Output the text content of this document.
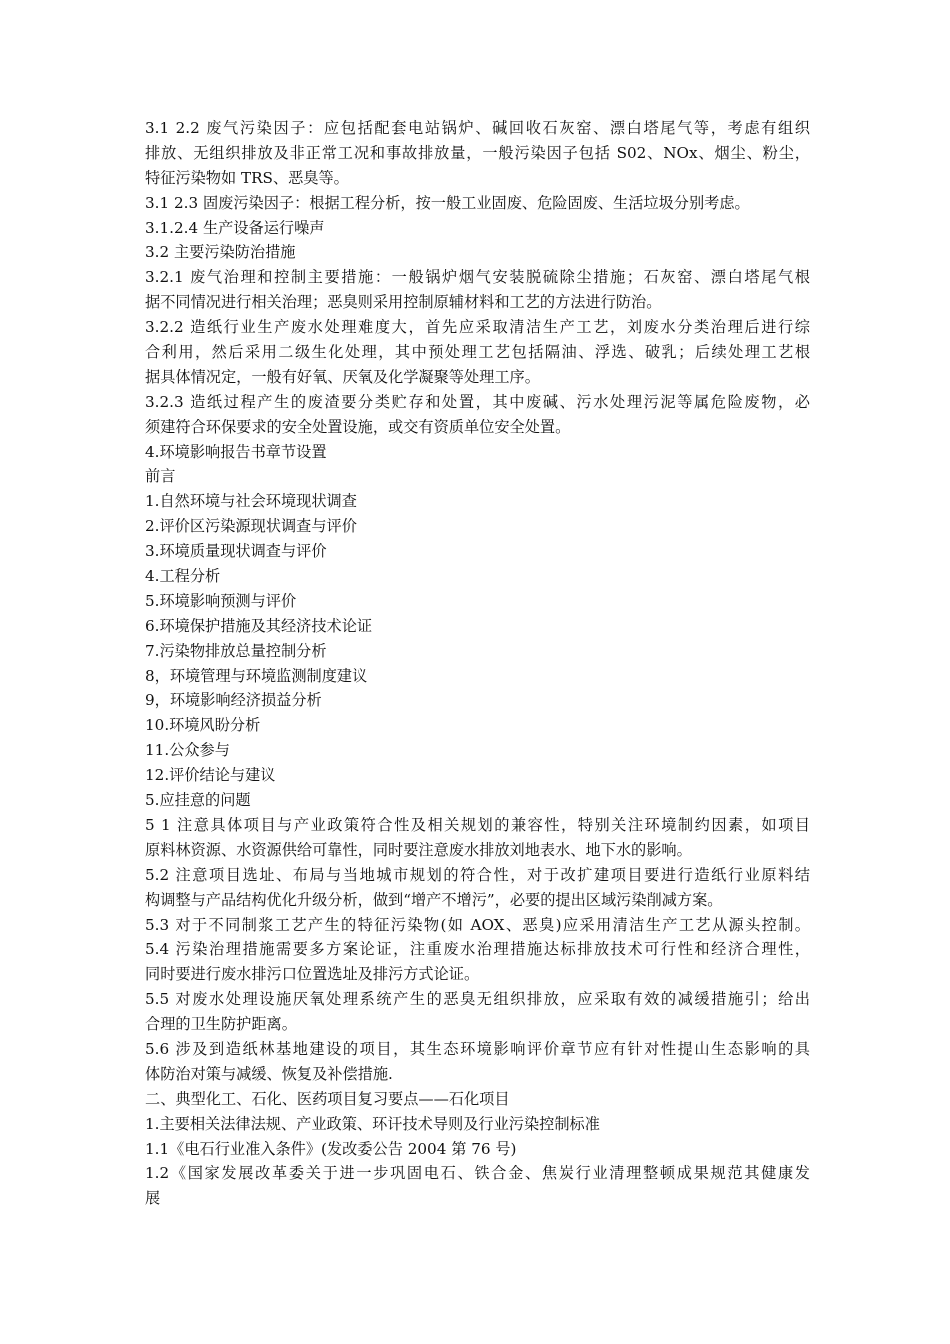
3.1 2.2 废气污染因子：应包括配套电站锅炉、碱回收石灰窑、漂白塔尾气等，考虑有组织
排放、无组织排放及非正常工况和事故排放量，一般污染因子包括 S02、NOx、烟尘、粉尘，
特征污染物如 TRS、恶臭等。
3.1 2.3 固废污染因子：根据工程分析，按一般工业固废、危险固废、生活垃圾分别考虑。
3.1.2.4 生产设备运行噪声
3.2 主要污染防治措施
3.2.1 废气治理和控制主要措施：一般锅炉烟气安装脱硫除尘措施；石灰窑、漂白塔尾气根
据不同情况进行相关治理；恶臭则采用控制原辅材料和工艺的方法进行防治。
3.2.2 造纸行业生产废水处理难度大，首先应采取清洁生产工艺，刘废水分类治理后进行综
合利用，然后采用二级生化处理，其中预处理工艺包括隔油、浮选、破乳；后续处理工艺根
据具体情况定，一般有好氧、厌氧及化学凝聚等处理工序。
3.2.3 造纸过程产生的废渣要分类贮存和处置，其中废碱、污水处理污泥等属危险废物，必
须建符合环保要求的安全处置设施，或交有资质单位安全处置。
4.环境影响报告书章节设置
前言
1.自然环境与社会环境现状调查
2.评价区污染源现状调查与评价
3.环境质量现状调查与评价
4.工程分析
5.环境影响预测与评价
6.环境保护措施及其经济技术论证
7.污染物排放总量控制分析
8，环境管理与环境监测制度建议
9，环境影响经济损益分析
10.环境风盼分析
11.公众参与
12.评价结论与建议
5.应挂意的问题
5 1 注意具体项目与产业政策符合性及相关规划的兼容性，特别关注环境制约因素，如项目
原料林资源、水资源供给可靠性，同时要注意废水排放刘地表水、地下水的影响。
5.2 注意项目选址、布局与当地城市规划的符合性，对于改扩建项目要进行造纸行业原料结
构调整与产品结构优化升级分析，做到“增产不增污”，必要的提出区域污染削减方案。
5.3 对于不同制浆工艺产生的特征污染物(如 AOX、恶臭)应采用清洁生产工艺从源头控制。
5.4 污染治理措施需要多方案论证，注重废水治理措施达标排放技术可行性和经济合理性，
同时要进行废水排污口位置选址及排污方式论证。
5.5 对废水处理设施厌氧处理系统产生的恶臭无组织排放，应采取有效的减缓措施引；给出
合理的卫生防护距离。
5.6 涉及到造纸林基地建设的项目，其生态环境影响评价章节应有针对性提山生态影响的具
体防治对策与减缓、恢复及补偿措施.
二、典型化工、石化、医药项目复习要点——石化项目
1.主要相关法律法规、产业政策、环讦技术导则及行业污染控制标准
1.1《电石行业准入条件》(发改委公告 2004 第 76 号)
1.2《国家发展改革委关于进一步巩固电石、铁合金、焦炭行业清理整顿成果规范其健康发
展
